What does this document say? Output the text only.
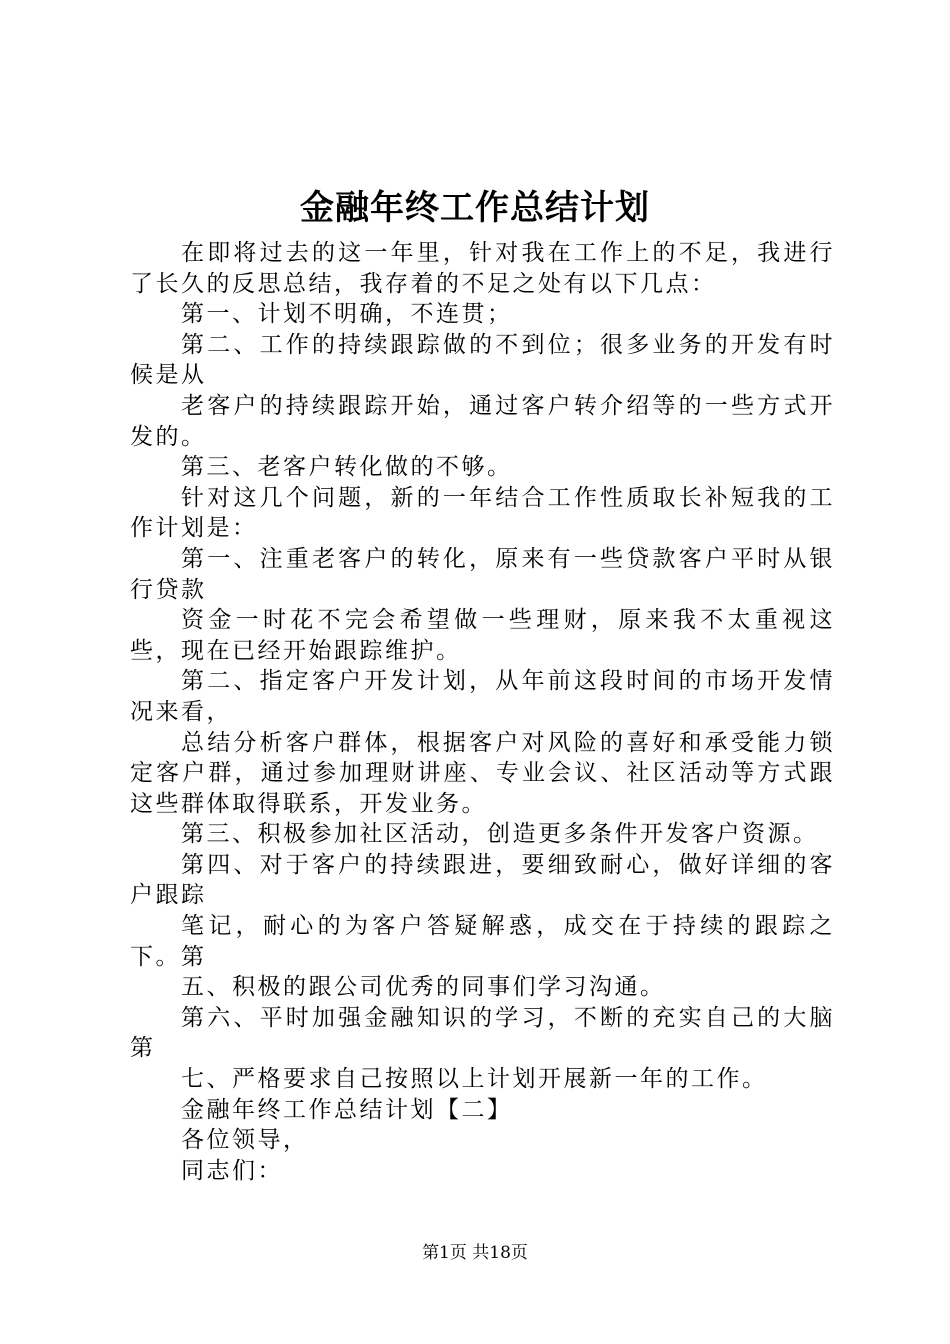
金融年终工作总结计划

在即将过去的这一年里，针对我在工作上的不足，我进行了长久的反思总结，我存着的不足之处有以下几点：

第一、计划不明确，不连贯；

第二、工作的持续跟踪做的不到位；很多业务的开发有时候是从

老客户的持续跟踪开始，通过客户转介绍等的一些方式开发的。

第三、老客户转化做的不够。

针对这几个问题，新的一年结合工作性质取长补短我的工作计划是：

第一、注重老客户的转化，原来有一些贷款客户平时从银行贷款

资金一时花不完会希望做一些理财，原来我不太重视这些，现在已经开始跟踪维护。

第二、指定客户开发计划，从年前这段时间的市场开发情况来看，

总结分析客户群体，根据客户对风险的喜好和承受能力锁定客户群，通过参加理财讲座、专业会议、社区活动等方式跟这些群体取得联系，开发业务。

第三、积极参加社区活动，创造更多条件开发客户资源。

第四、对于客户的持续跟进，要细致耐心，做好详细的客户跟踪

笔记，耐心的为客户答疑解惑，成交在于持续的跟踪之下。第

五、积极的跟公司优秀的同事们学习沟通。

第六、平时加强金融知识的学习，不断的充实自己的大脑第

七、严格要求自己按照以上计划开展新一年的工作。

金融年终工作总结计划【二】

各位领导，

同志们：

第1页 共18页
